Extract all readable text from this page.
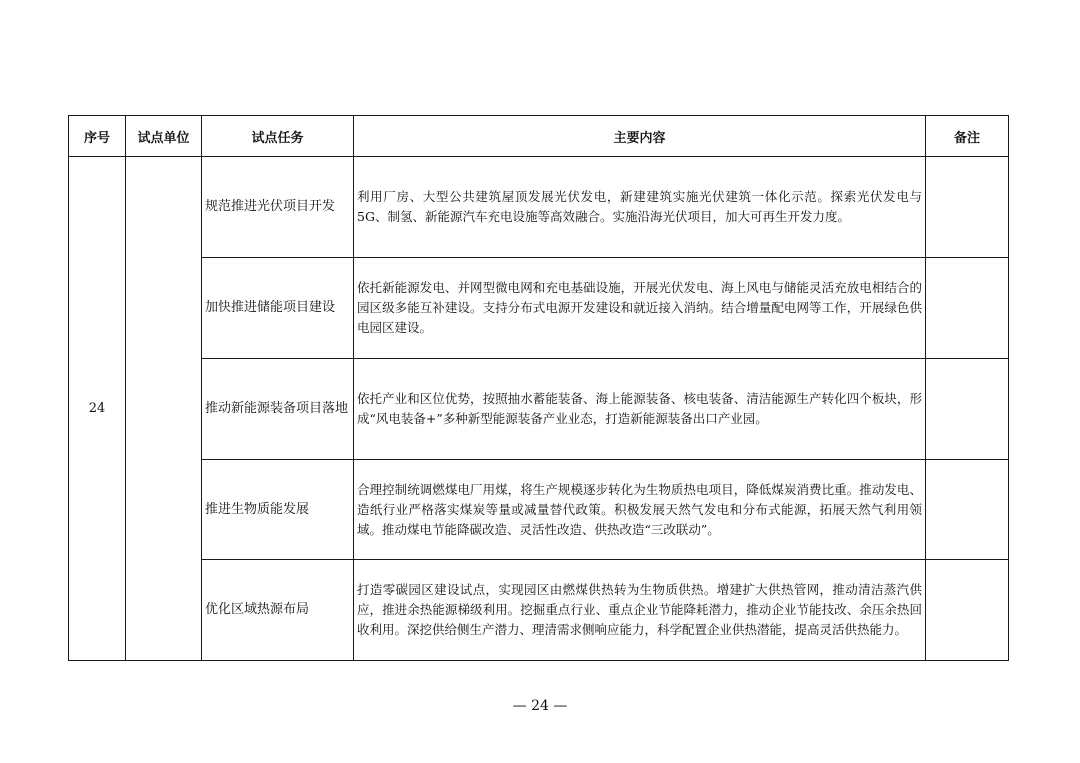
序号	试点单位	试点任务	主要内容	备注
24		规范推进光伏项目开发	利用厂房、大型公共建筑屋顶发展光伏发电，新建建筑实施光伏建筑一体化示范。探索光伏发电与5G、制氢、新能源汽车充电设施等高效融合。实施沿海光伏项目，加大可再生开发力度。	
		加快推进储能项目建设	依托新能源发电、并网型微电网和充电基础设施，开展光伏发电、海上风电与储能灵活充放电相结合的园区级多能互补建设。支持分布式电源开发建设和就近接入消纳。结合增量配电网等工作，开展绿色供电园区建设。	
		推动新能源装备项目落地	依托产业和区位优势，按照抽水蓄能装备、海上能源装备、核电装备、清洁能源生产转化四个板块，形成“风电装备+”多种新型能源装备产业业态，打造新能源装备出口产业园。	
		推进生物质能发展	合理控制统调燃煤电厂用煤，将生产规模逐步转化为生物质热电项目，降低煤炭消费比重。推动发电、造纸行业严格落实煤炭等量或减量替代政策。积极发展天然气发电和分布式能源，拓展天然气利用领域。推动煤电节能降碳改造、灵活性改造、供热改造“三改联动”。	
		优化区域热源布局	打造零碳园区建设试点，实现园区由燃煤供热转为生物质供热。增建扩大供热管网，推动清洁蒸汽供应，推进余热能源梯级利用。挖掘重点行业、重点企业节能降耗潜力，推动企业节能技改、余压余热回收利用。深挖供给侧生产潜力、理清需求侧响应能力，科学配置企业供热潜能，提高灵活供热能力。	
— 24 —
